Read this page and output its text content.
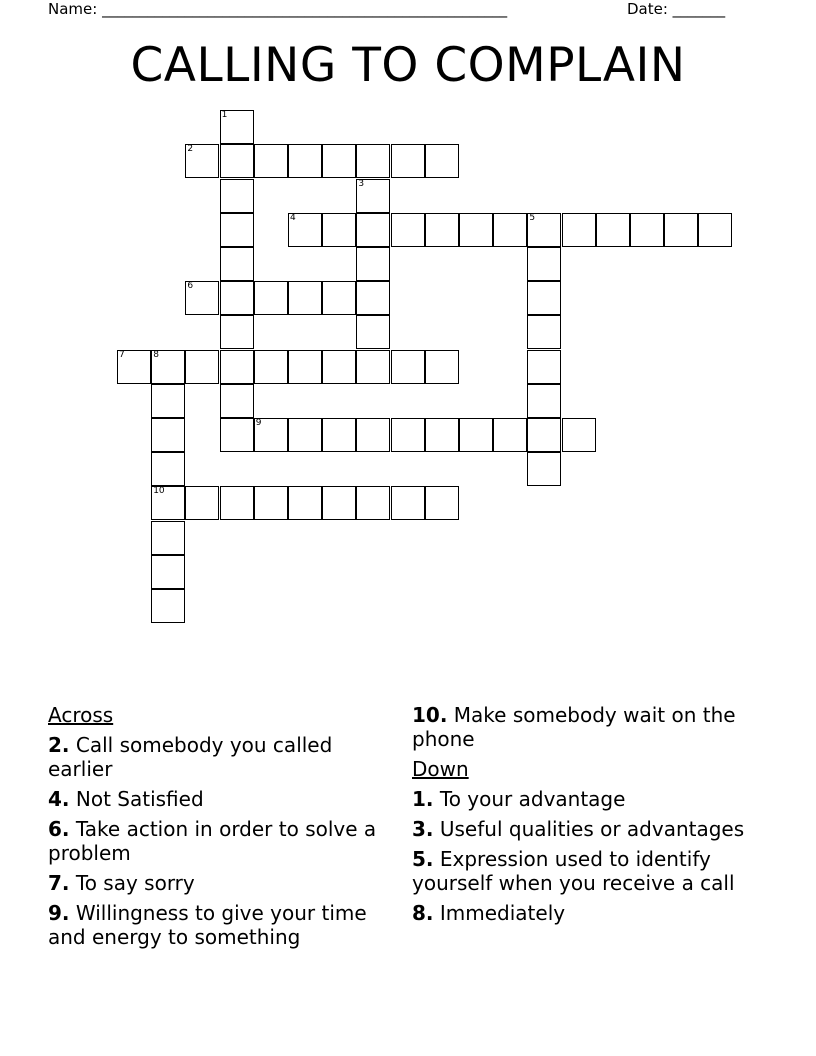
Name: ______________________________________________________	Date: _______
CALLING TO COMPLAIN
1
2
4	5
3
6
7	8
10
9
Across
2. Call somebody you called earlier
4. Not Satisfied
6. Take action in order to solve a problem
7. To say sorry
9. Willingness to give your time and energy to something
10. Make somebody wait on the phone
Down
1. To your advantage
3. Useful qualities or advantages
5. Expression used to identify yourself when you receive a call
8. Immediately
